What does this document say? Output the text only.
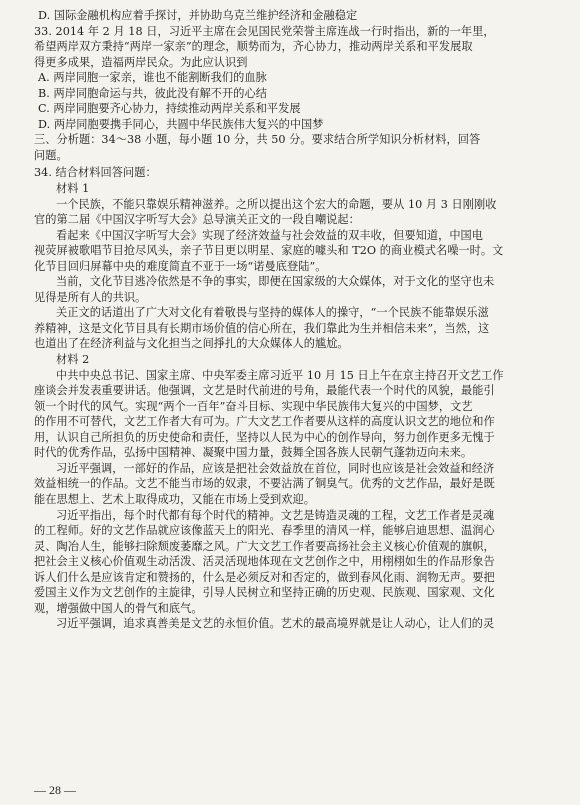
D. 国际金融机构应着手探讨，并协助乌克兰维护经济和金融稳定
33. 2014 年 2 月 18 日，习近平主席在会见国民党荣誉主席连战一行时指出，新的一年里，
希望两岸双方秉持“两岸一家亲”的理念，顺势而为，齐心协力，推动两岸关系和平发展取
得更多成果，造福两岸民众。为此应认识到
A. 两岸同胞一家亲，谁也不能割断我们的血脉
B. 两岸同胞命运与共，彼此没有解不开的心结
C. 两岸同胞要齐心协力，持续推动两岸关系和平发展
D. 两岸同胞要携手同心，共圆中华民族伟大复兴的中国梦
三、分析题：34～38 小题，每小题 10 分，共 50 分。要求结合所学知识分析材料，回答
问题。
34. 结合材料回答问题：
材料 1
一个民族，不能只靠娱乐精神滋养。之所以提出这个宏大的命题，要从 10 月 3 日刚刚收
官的第二届《中国汉字听写大会》总导演关正文的一段自嘲说起：
看起来《中国汉字听写大会》实现了经济效益与社会效益的双丰收，但要知道，中国电
视荧屏被歌唱节目抢尽风头，亲子节目更以明星、家庭的噱头和 T2O 的商业模式名噪一时。文
化节目回归屏幕中央的难度简直不亚于一场“诺曼底登陆”。
当前，文化节目逃冷依然是不争的事实，即便在国家级的大众媒体，对于文化的坚守也未
见得是所有人的共识。
关正文的话道出了广大对文化有着敬畏与坚持的媒体人的操守，“一个民族不能靠娱乐滋
养精神，这是文化节目具有长期市场价值的信心所在，我们靠此为生并相信未来”，当然，这
也道出了在经济利益与文化担当之间掙扎的大众媒体人的尴尬。
材料 2
中共中央总书记、国家主席、中央军委主席习近平 10 月 15 日上午在京主持召开文艺工作
座谈会并发表重要讲话。他强调，文艺是时代前进的号角，最能代表一个时代的风貌，最能引
领一个时代的风气。实现“两个一百年”奋斗目标、实现中华民族伟大复兴的中国梦，文艺
的作用不可替代，文艺工作者大有可为。广大文艺工作者要从这样的高度认识文艺的地位和作
用，认识自己所担负的历史使命和责任，坚持以人民为中心的创作导向，努力创作更多无愧于
时代的优秀作品，弘扬中国精神、凝聚中国力量，鼓舞全国各族人民朝气蓬勃迈向未来。
习近平强调，一部好的作品，应该是把社会效益放在首位，同时也应该是社会效益和经济
效益相统一的作品。文艺不能当市场的奴隶，不要沾满了铜臭气。优秀的文艺作品，最好是既
能在思想上、艺术上取得成功，又能在市场上受到欢迎。
习近平指出，每个时代都有每个时代的精神。文艺是铸造灵魂的工程，文艺工作者是灵魂
的工程师。好的文艺作品就应该像蓝天上的阳光、春季里的清风一样，能够启迪思想、温润心
灵、陶冶人生，能够扫除颓废萎靡之风。广大文艺工作者要高扬社会主义核心价值观的旗帜，
把社会主义核心价值观生动活泼、活灵活现地体现在文艺创作之中，用栩栩如生的作品形象告
诉人们什么是应该肯定和赞扬的，什么是必须反对和否定的，做到春风化雨、润物无声。要把
爱国主义作为文艺创作的主旋律，引导人民树立和坚持正确的历史观、民族观、国家观、文化
观，增强做中国人的骨气和底气。
习近平强调，追求真善美是文艺的永恒价值。艺术的最高境界就是让人动心，让人们的灵

— 28 —
